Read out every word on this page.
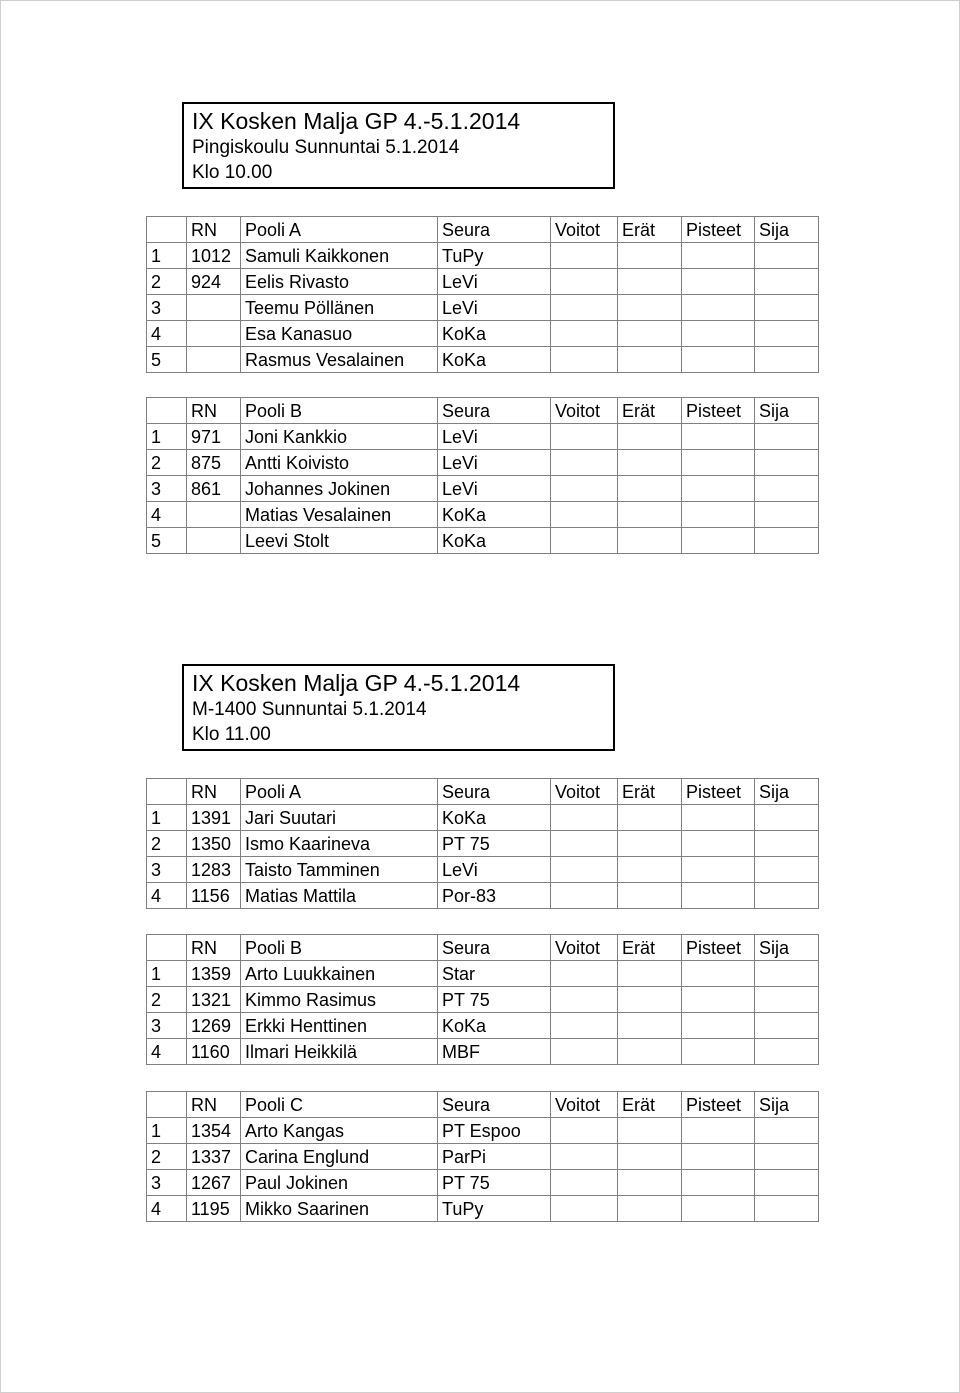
IX Kosken Malja GP 4.-5.1.2014
Pingiskoulu Sunnuntai 5.1.2014
Klo 10.00
	RN	Pooli A	Seura	Voitot	Erät	Pisteet	Sija
1	1012	Samuli Kaikkonen	TuPy				
2	924	Eelis Rivasto	LeVi				
3		Teemu Pöllänen	LeVi				
4		Esa Kanasuo	KoKa				
5		Rasmus Vesalainen	KoKa				
	RN	Pooli B	Seura	Voitot	Erät	Pisteet	Sija
1	971	Joni Kankkio	LeVi				
2	875	Antti Koivisto	LeVi				
3	861	Johannes Jokinen	LeVi				
4		Matias Vesalainen	KoKa				
5		Leevi Stolt	KoKa				
IX Kosken Malja GP 4.-5.1.2014
M-1400 Sunnuntai 5.1.2014
Klo 11.00
	RN	Pooli A	Seura	Voitot	Erät	Pisteet	Sija
1	1391	Jari Suutari	KoKa				
2	1350	Ismo Kaarineva	PT 75				
3	1283	Taisto Tamminen	LeVi				
4	1156	Matias Mattila	Por-83				
	RN	Pooli B	Seura	Voitot	Erät	Pisteet	Sija
1	1359	Arto Luukkainen	Star				
2	1321	Kimmo Rasimus	PT 75				
3	1269	Erkki Henttinen	KoKa				
4	1160	Ilmari Heikkilä	MBF				
	RN	Pooli C	Seura	Voitot	Erät	Pisteet	Sija
1	1354	Arto Kangas	PT Espoo				
2	1337	Carina Englund	ParPi				
3	1267	Paul Jokinen	PT 75				
4	1195	Mikko Saarinen	TuPy				
